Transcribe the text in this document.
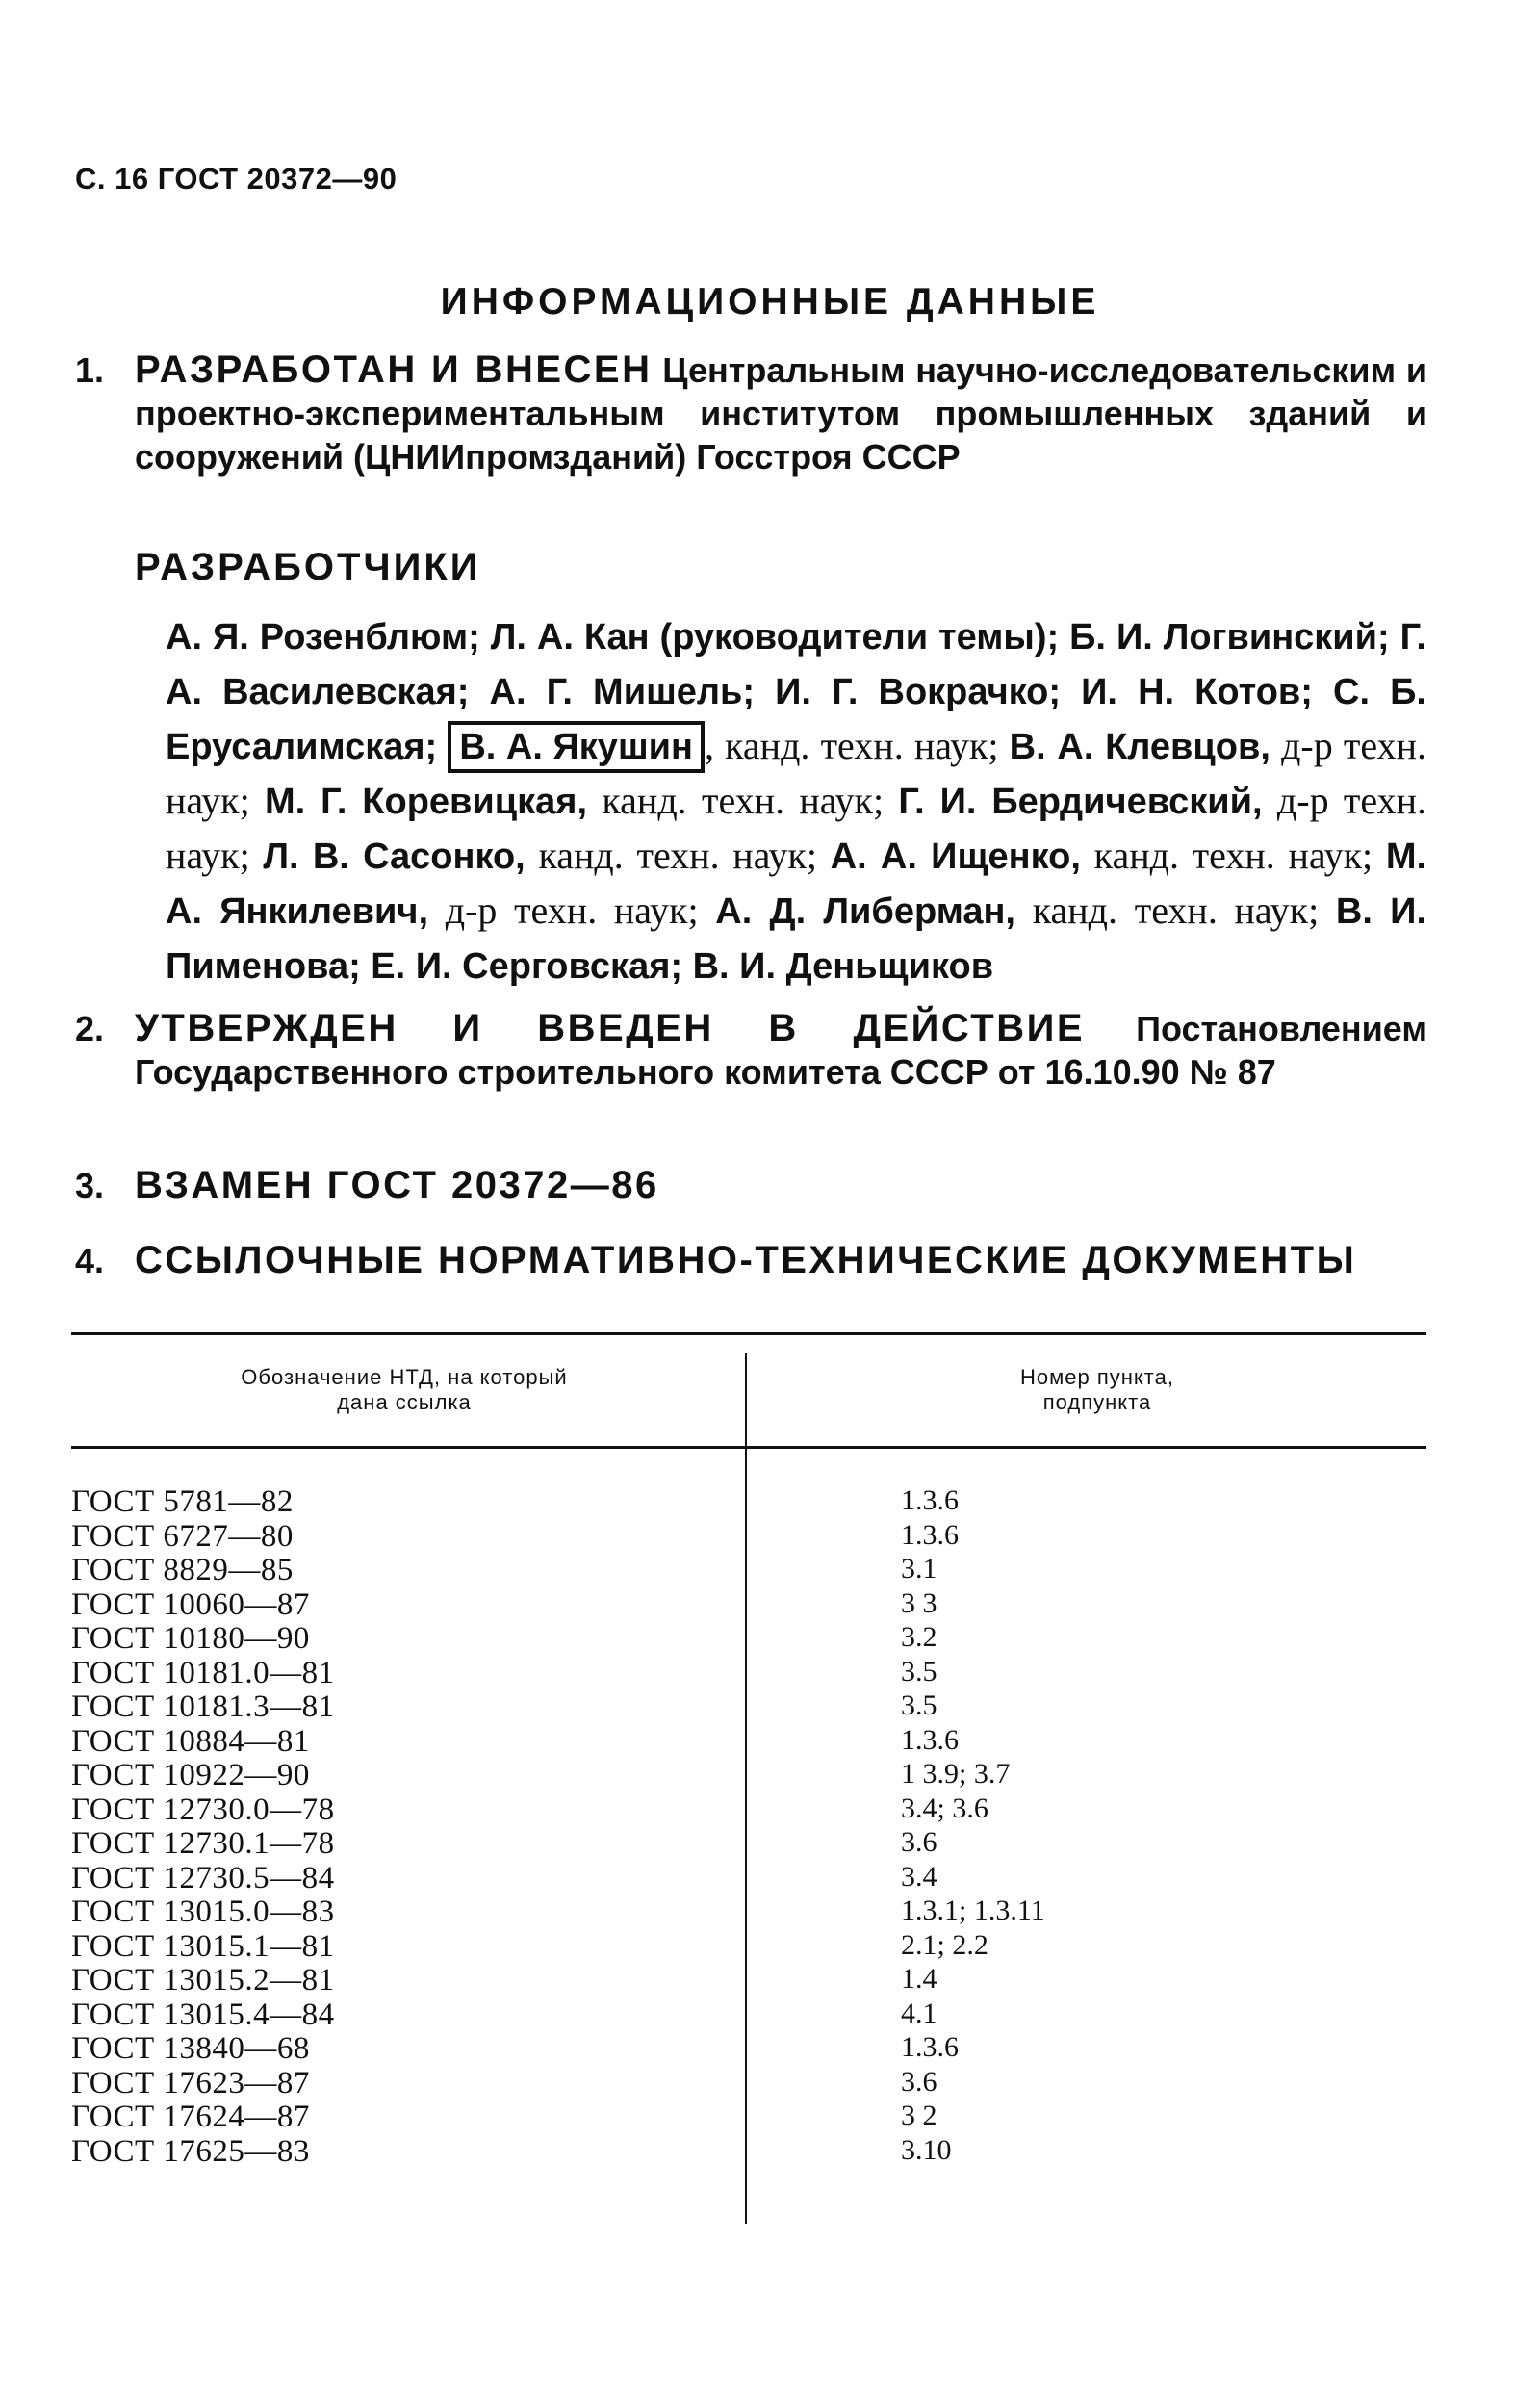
С. 16 ГОСТ 20372—90
ИНФОРМАЦИОННЫЕ ДАННЫЕ
1. РАЗРАБОТАН И ВНЕСЕН Центральным научно-исследовательским и проектно-экспериментальным институтом промышленных зданий и сооружений (ЦНИИпромзданий) Госстроя СССР
РАЗРАБОТЧИКИ
А. Я. Розенблюм; Л. А. Кан (руководители темы); Б. И. Логвинский; Г. А. Василевская; А. Г. Мишель; И. Г. Вокрачко; И. Н. Котов; С. Б. Ерусалимская; В. А. Якушин , канд. техн. наук; В. А. Клевцов, д-р техн. наук; М. Г. Коревицкая, канд. техн. наук; Г. И. Бердичевский, д-р техн. наук; Л. В. Сасонко, канд. техн. наук; А. А. Ищенко, канд. техн. наук; М. А. Янкилевич, д-р техн. наук; А. Д. Либерман, канд. техн. наук; В. И. Пименова; Е. И. Серговская; В. И. Деньщиков
2. УТВЕРЖДЕН И ВВЕДЕН В ДЕЙСТВИЕ Постановлением Государственного строительного комитета СССР от 16.10.90 № 87
3. ВЗАМЕН ГОСТ 20372—86
4. ССЫЛОЧНЫЕ НОРМАТИВНО-ТЕХНИЧЕСКИЕ ДОКУМЕНТЫ
Обозначение НТД, на который
дана ссылка
Номер пункта,
подпункта
ГОСТ 5781—82	1.3.6
ГОСТ 6727—80	1.3.6
ГОСТ 8829—85	3.1
ГОСТ 10060—87	3 3
ГОСТ 10180—90	3.2
ГОСТ 10181.0—81	3.5
ГОСТ 10181.3—81	3.5
ГОСТ 10884—81	1.3.6
ГОСТ 10922—90	1 3.9; 3.7
ГОСТ 12730.0—78	3.4; 3.6
ГОСТ 12730.1—78	3.6
ГОСТ 12730.5—84	3.4
ГОСТ 13015.0—83	1.3.1; 1.3.11
ГОСТ 13015.1—81	2.1; 2.2
ГОСТ 13015.2—81	1.4
ГОСТ 13015.4—84	4.1
ГОСТ 13840—68	1.3.6
ГОСТ 17623—87	3.6
ГОСТ 17624—87	3 2
ГОСТ 17625—83	3.10
